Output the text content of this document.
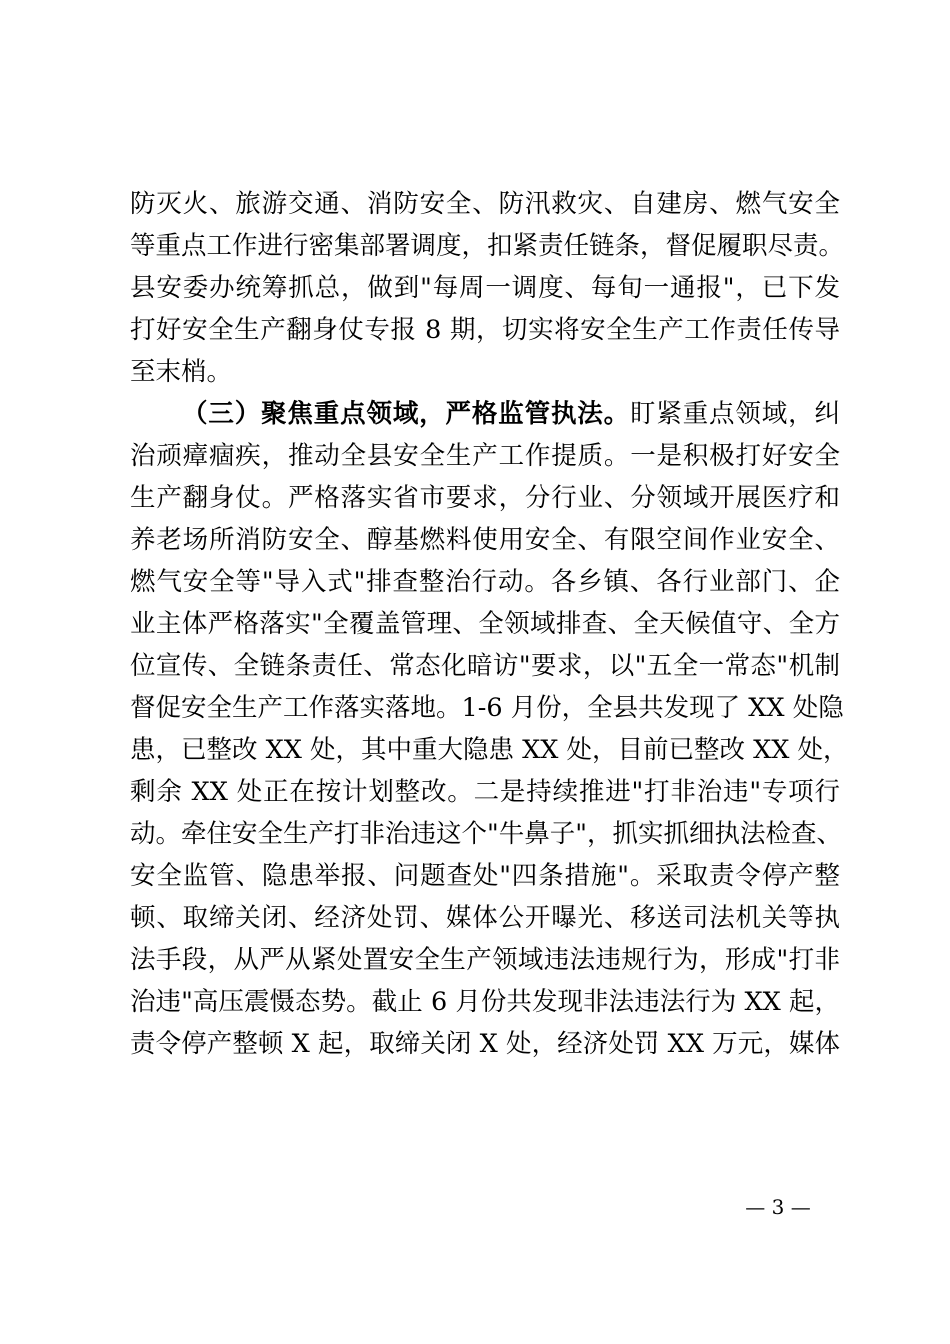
防灭火、旅游交通、消防安全、防汛救灾、自建房、燃气安全
等重点工作进行密集部署调度，扣紧责任链条，督促履职尽责。
县安委办统筹抓总，做到"每周一调度、每旬一通报"，已下发
打好安全生产翻身仗专报 8 期，切实将安全生产工作责任传导
至末梢。
（三）聚焦重点领域，严格监管执法。盯紧重点领域，纠
治顽瘴痼疾，推动全县安全生产工作提质。一是积极打好安全
生产翻身仗。严格落实省市要求，分行业、分领域开展医疗和
养老场所消防安全、醇基燃料使用安全、有限空间作业安全、
燃气安全等"导入式"排查整治行动。各乡镇、各行业部门、企
业主体严格落实"全覆盖管理、全领域排查、全天候值守、全方
位宣传、全链条责任、常态化暗访"要求，以"五全一常态"机制
督促安全生产工作落实落地。1-6 月份，全县共发现了 XX 处隐
患，已整改 XX 处，其中重大隐患 XX 处，目前已整改 XX 处，
剩余 XX 处正在按计划整改。二是持续推进"打非治违"专项行
动。牵住安全生产打非治违这个"牛鼻子"，抓实抓细执法检查、
安全监管、隐患举报、问题查处"四条措施"。采取责令停产整
顿、取缔关闭、经济处罚、媒体公开曝光、移送司法机关等执
法手段，从严从紧处置安全生产领域违法违规行为，形成"打非
治违"高压震慑态势。截止 6 月份共发现非法违法行为 XX 起，
责令停产整顿 X 起，取缔关闭 X 处，经济处罚 XX 万元，媒体
— 3 —
